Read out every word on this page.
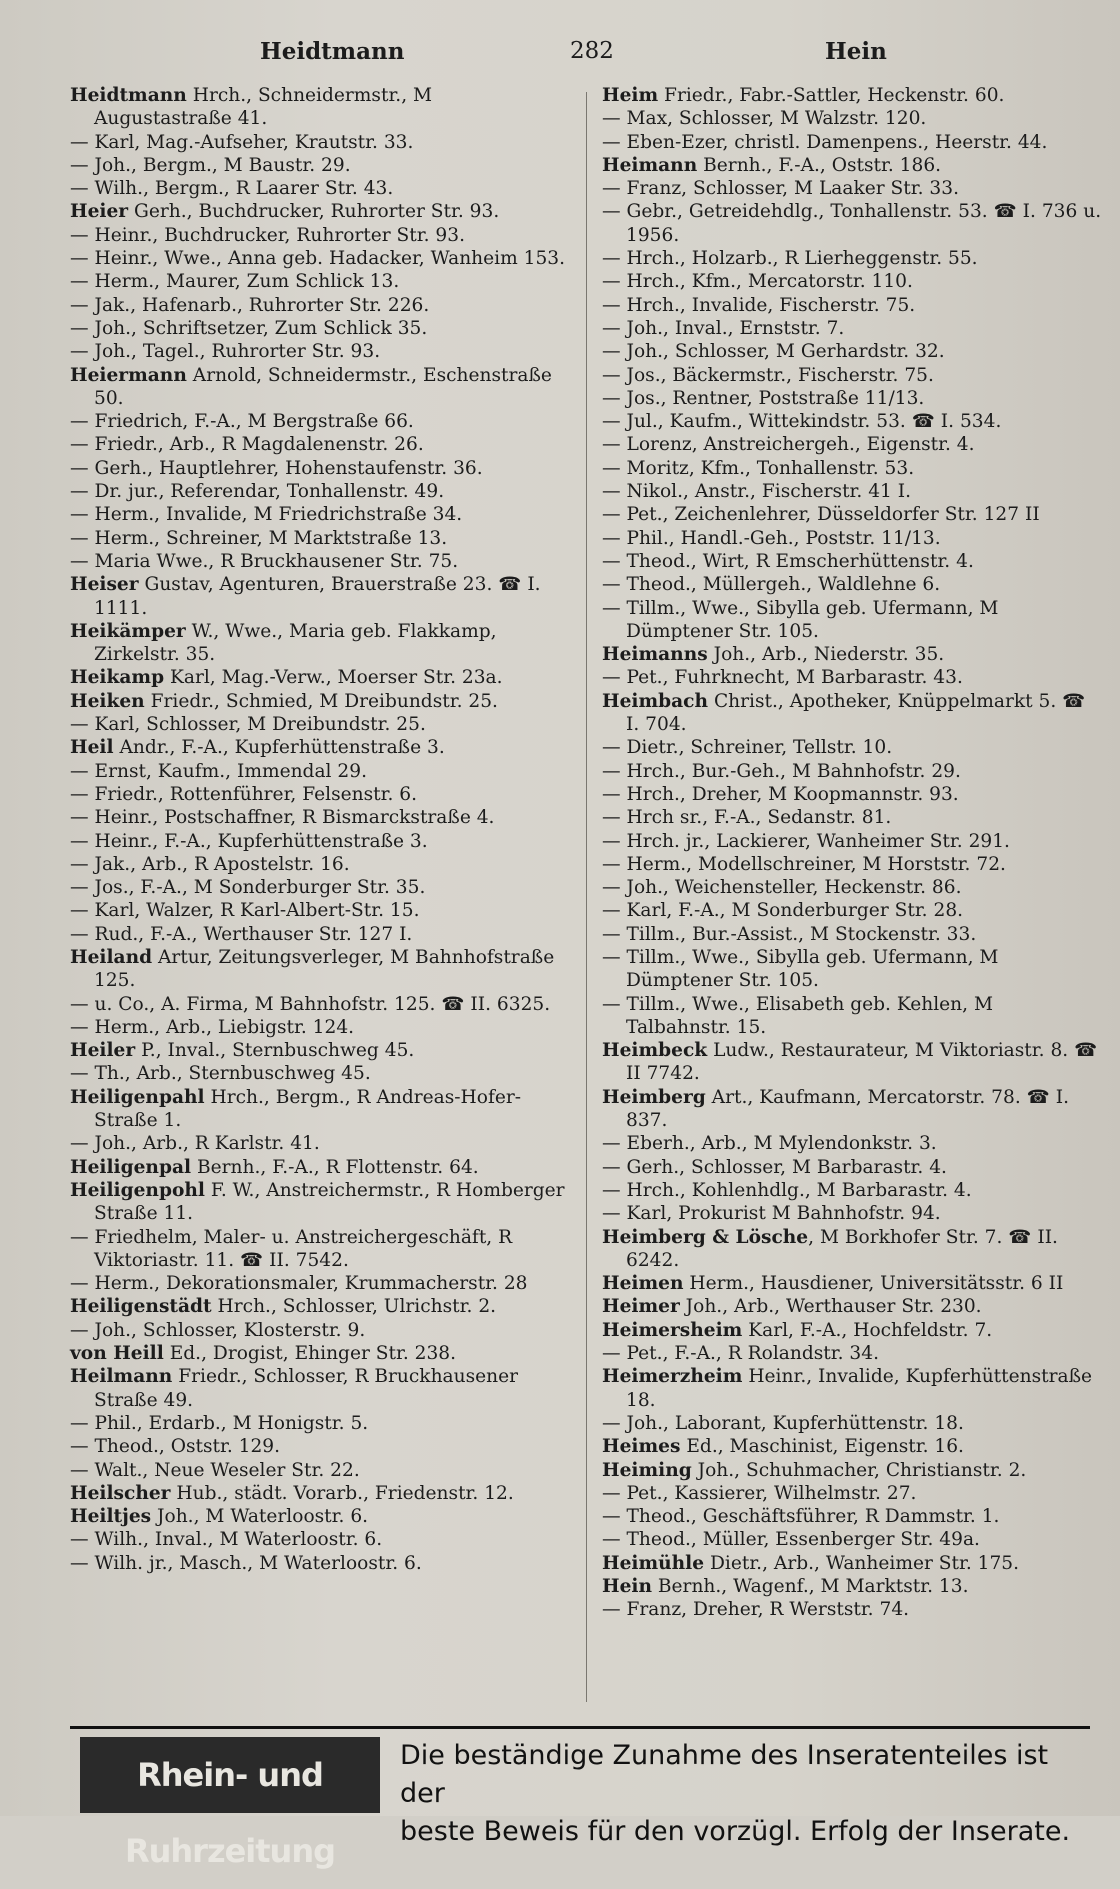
Heidtmann	282	Hein

Heidtmann Hrch., Schneidermstr., M Augustastraße 41.

— Karl, Mag.-Aufseher, Krautstr. 33.

— Joh., Bergm., M Baustr. 29.

— Wilh., Bergm., R Laarer Str. 43.

Heier Gerh., Buchdrucker, Ruhrorter Str. 93.

— Heinr., Buchdrucker, Ruhrorter Str. 93.

— Heinr., Wwe., Anna geb. Hadacker, Wanheim 153.

— Herm., Maurer, Zum Schlick 13.

— Jak., Hafenarb., Ruhrorter Str. 226.

— Joh., Schriftsetzer, Zum Schlick 35.

— Joh., Tagel., Ruhrorter Str. 93.

Heiermann Arnold, Schneidermstr., Eschenstraße 50.

— Friedrich, F.-A., M Bergstraße 66.

— Friedr., Arb., R Magdalenenstr. 26.

— Gerh., Hauptlehrer, Hohenstaufenstr. 36.

— Dr. jur., Referendar, Tonhallenstr. 49.

— Herm., Invalide, M Friedrichstraße 34.

— Herm., Schreiner, M Marktstraße 13.

— Maria Wwe., R Bruckhausener Str. 75.

Heiser Gustav, Agenturen, Brauerstraße 23. ☎ I. 1111.

Heikämper W., Wwe., Maria geb. Flakkamp, Zirkelstr. 35.

Heikamp Karl, Mag.-Verw., Moerser Str. 23a.

Heiken Friedr., Schmied, M Dreibundstr. 25.

— Karl, Schlosser, M Dreibundstr. 25.

Heil Andr., F.-A., Kupferhüttenstraße 3.

— Ernst, Kaufm., Immendal 29.

— Friedr., Rottenführer, Felsenstr. 6.

— Heinr., Postschaffner, R Bismarckstraße 4.

— Heinr., F.-A., Kupferhüttenstraße 3.

— Jak., Arb., R Apostelstr. 16.

— Jos., F.-A., M Sonderburger Str. 35.

— Karl, Walzer, R Karl-Albert-Str. 15.

— Rud., F.-A., Werthauser Str. 127 I.

Heiland Artur, Zeitungsverleger, M Bahnhofstraße 125.

— u. Co., A. Firma, M Bahnhofstr. 125. ☎ II. 6325.

— Herm., Arb., Liebigstr. 124.

Heiler P., Inval., Sternbuschweg 45.

— Th., Arb., Sternbuschweg 45.

Heiligenpahl Hrch., Bergm., R Andreas-Hofer-Straße 1.

— Joh., Arb., R Karlstr. 41.

Heiligenpal Bernh., F.-A., R Flottenstr. 64.

Heiligenpohl F. W., Anstreichermstr., R Homberger Straße 11.

— Friedhelm, Maler- u. Anstreichergeschäft, R Viktoriastr. 11. ☎ II. 7542.

— Herm., Dekorationsmaler, Krummacherstr. 28

Heiligenstädt Hrch., Schlosser, Ulrichstr. 2.

— Joh., Schlosser, Klosterstr. 9.

von Heill Ed., Drogist, Ehinger Str. 238.

Heilmann Friedr., Schlosser, R Bruckhausener Straße 49.

— Phil., Erdarb., M Honigstr. 5.

— Theod., Oststr. 129.

— Walt., Neue Weseler Str. 22.

Heilscher Hub., städt. Vorarb., Friedenstr. 12.

Heiltjes Joh., M Waterloostr. 6.

— Wilh., Inval., M Waterloostr. 6.

— Wilh. jr., Masch., M Waterloostr. 6.

Heim Friedr., Fabr.-Sattler, Heckenstr. 60.

— Max, Schlosser, M Walzstr. 120.

— Eben-Ezer, christl. Damenpens., Heerstr. 44.

Heimann Bernh., F.-A., Oststr. 186.

— Franz, Schlosser, M Laaker Str. 33.

— Gebr., Getreidehdlg., Tonhallenstr. 53. ☎ I. 736 u. 1956.

— Hrch., Holzarb., R Lierheggenstr. 55.

— Hrch., Kfm., Mercatorstr. 110.

— Hrch., Invalide, Fischerstr. 75.

— Joh., Inval., Ernststr. 7.

— Joh., Schlosser, M Gerhardstr. 32.

— Jos., Bäckermstr., Fischerstr. 75.

— Jos., Rentner, Poststraße 11/13.

— Jul., Kaufm., Wittekindstr. 53. ☎ I. 534.

— Lorenz, Anstreichergeh., Eigenstr. 4.

— Moritz, Kfm., Tonhallenstr. 53.

— Nikol., Anstr., Fischerstr. 41 I.

— Pet., Zeichenlehrer, Düsseldorfer Str. 127 II

— Phil., Handl.-Geh., Poststr. 11/13.

— Theod., Wirt, R Emscherhüttenstr. 4.

— Theod., Müllergeh., Waldlehne 6.

— Tillm., Wwe., Sibylla geb. Ufermann, M Dümptener Str. 105.

Heimanns Joh., Arb., Niederstr. 35.

— Pet., Fuhrknecht, M Barbarastr. 43.

Heimbach Christ., Apotheker, Knüppelmarkt 5. ☎ I. 704.

— Dietr., Schreiner, Tellstr. 10.

— Hrch., Bur.-Geh., M Bahnhofstr. 29.

— Hrch., Dreher, M Koopmannstr. 93.

— Hrch sr., F.-A., Sedanstr. 81.

— Hrch. jr., Lackierer, Wanheimer Str. 291.

— Herm., Modellschreiner, M Horststr. 72.

— Joh., Weichensteller, Heckenstr. 86.

— Karl, F.-A., M Sonderburger Str. 28.

— Tillm., Bur.-Assist., M Stockenstr. 33.

— Tillm., Wwe., Sibylla geb. Ufermann, M Dümptener Str. 105.

— Tillm., Wwe., Elisabeth geb. Kehlen, M Talbahnstr. 15.

Heimbeck Ludw., Restaurateur, M Viktoriastr. 8. ☎ II 7742.

Heimberg Art., Kaufmann, Mercatorstr. 78. ☎ I. 837.

— Eberh., Arb., M Mylendonkstr. 3.

— Gerh., Schlosser, M Barbarastr. 4.

— Hrch., Kohlenhdlg., M Barbarastr. 4.

— Karl, Prokurist M Bahnhofstr. 94.

Heimberg & Lösche, M Borkhofer Str. 7. ☎ II. 6242.

Heimen Herm., Hausdiener, Universitätsstr. 6 II

Heimer Joh., Arb., Werthauser Str. 230.

Heimersheim Karl, F.-A., Hochfeldstr. 7.

— Pet., F.-A., R Rolandstr. 34.

Heimerzheim Heinr., Invalide, Kupferhüttenstraße 18.

— Joh., Laborant, Kupferhüttenstr. 18.

Heimes Ed., Maschinist, Eigenstr. 16.

Heiming Joh., Schuhmacher, Christianstr. 2.

— Pet., Kassierer, Wilhelmstr. 27.

— Theod., Geschäftsführer, R Dammstr. 1.

— Theod., Müller, Essenberger Str. 49a.

Heimühle Dietr., Arb., Wanheimer Str. 175.

Hein Bernh., Wagenf., M Marktstr. 13.

— Franz, Dreher, R Werststr. 74.

Rhein- und Ruhrzeitung
Die beständige Zunahme des Inseratenteiles ist der
beste Beweis für den vorzügl. Erfolg der Inserate.
